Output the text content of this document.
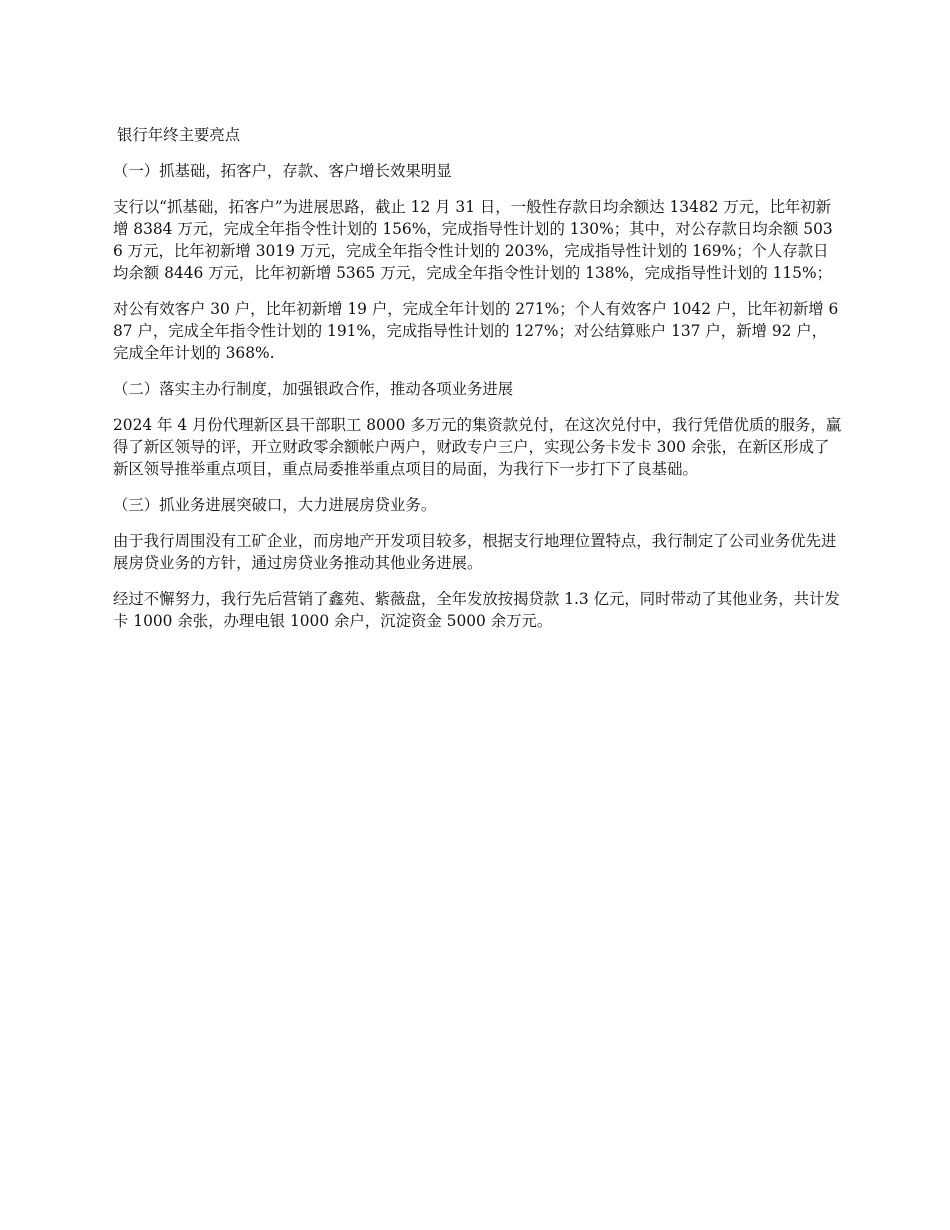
银行年终主要亮点
（一）抓基础，拓客户，存款、客户增长效果明显

支行以“抓基础，拓客户”为进展思路，截止 12 月 31 日，一般性存款日均余额达 13482 万元，比年初新增 8384 万元，完成全年指令性计划的 156%，完成指导性计划的 130%；其中，对公存款日均余额 5036 万元，比年初新增 3019 万元，完成全年指令性计划的 203%，完成指导性计划的 169%；个人存款日均余额 8446 万元，比年初新增 5365 万元，完成全年指令性计划的 138%，完成指导性计划的 115%；

对公有效客户 30 户，比年初新增 19 户，完成全年计划的 271%；个人有效客户 1042 户，比年初新增 687 户，完成全年指令性计划的 191%，完成指导性计划的 127%；对公结算账户 137 户，新增 92 户，完成全年计划的 368%.

（二）落实主办行制度，加强银政合作，推动各项业务进展

2024 年 4 月份代理新区县干部职工 8000 多万元的集资款兑付，在这次兑付中，我行凭借优质的服务，赢得了新区领导的评，开立财政零余额帐户两户，财政专户三户，实现公务卡发卡 300 余张，在新区形成了新区领导推举重点项目，重点局委推举重点项目的局面，为我行下一步打下了良基础。

（三）抓业务进展突破口，大力进展房贷业务。

由于我行周围没有工矿企业，而房地产开发项目较多，根据支行地理位置特点，我行制定了公司业务优先进展房贷业务的方针，通过房贷业务推动其他业务进展。

经过不懈努力，我行先后营销了鑫苑、紫薇盘，全年发放按揭贷款 1.3 亿元，同时带动了其他业务，共计发卡 1000 余张，办理电银 1000 余户，沉淀资金 5000 余万元。
